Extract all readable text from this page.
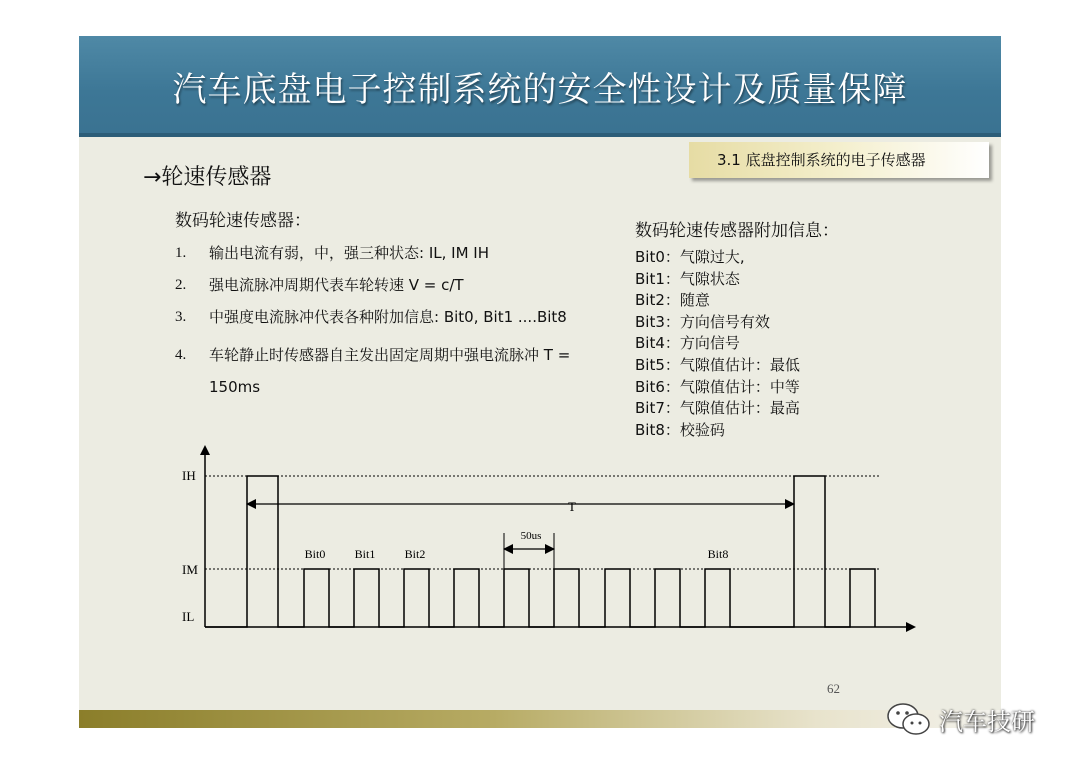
汽车底盘电子控制系统的安全性设计及质量保障
3.1 底盘控制系统的电子传感器
→轮速传感器
数码轮速传感器：
1.	输出电流有弱，中，强三种状态: IL, IM IH
2.	强电流脉冲周期代表车轮转速 V = c/T
3.	中强度电流脉冲代表各种附加信息: Bit0, Bit1 ....Bit8
4.	车轮静止时传感器自主发出固定周期中强电流脉冲 T = 150ms
数码轮速传感器附加信息：
Bit0：气隙过大,
Bit1：气隙状态
Bit2：随意
Bit3：方向信号有效
Bit4：方向信号
Bit5：气隙值估计：最低
Bit6：气隙值估计：中等
Bit7：气隙值估计：最高
Bit8：校验码
IH
IM
IL
T
50us
Bit0 Bit1 Bit2	Bit8
62
汽车技研
